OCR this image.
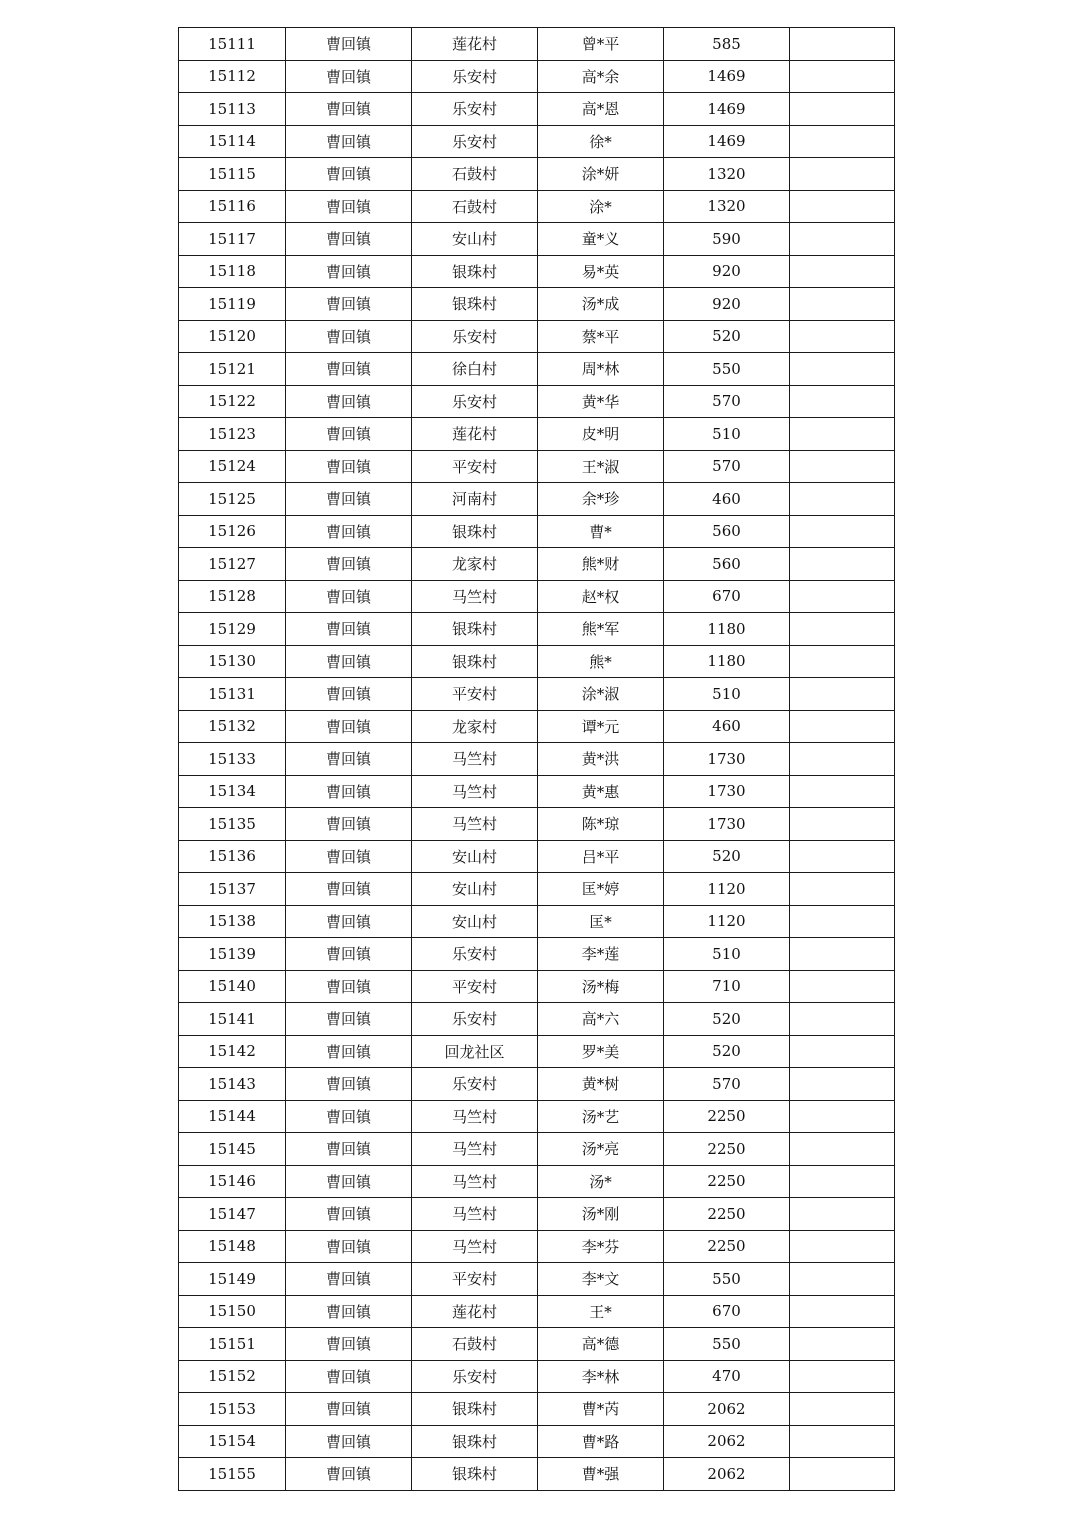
15111	曹回镇	莲花村	曾*平	585	
15112	曹回镇	乐安村	高*余	1469	
15113	曹回镇	乐安村	高*恩	1469	
15114	曹回镇	乐安村	徐*	1469	
15115	曹回镇	石鼓村	涂*妍	1320	
15116	曹回镇	石鼓村	涂*	1320	
15117	曹回镇	安山村	童*义	590	
15118	曹回镇	银珠村	易*英	920	
15119	曹回镇	银珠村	汤*成	920	
15120	曹回镇	乐安村	蔡*平	520	
15121	曹回镇	徐白村	周*林	550	
15122	曹回镇	乐安村	黄*华	570	
15123	曹回镇	莲花村	皮*明	510	
15124	曹回镇	平安村	王*淑	570	
15125	曹回镇	河南村	余*珍	460	
15126	曹回镇	银珠村	曹*	560	
15127	曹回镇	龙家村	熊*财	560	
15128	曹回镇	马竺村	赵*权	670	
15129	曹回镇	银珠村	熊*军	1180	
15130	曹回镇	银珠村	熊*	1180	
15131	曹回镇	平安村	涂*淑	510	
15132	曹回镇	龙家村	谭*元	460	
15133	曹回镇	马竺村	黄*洪	1730	
15134	曹回镇	马竺村	黄*惠	1730	
15135	曹回镇	马竺村	陈*琼	1730	
15136	曹回镇	安山村	吕*平	520	
15137	曹回镇	安山村	匡*婷	1120	
15138	曹回镇	安山村	匡*	1120	
15139	曹回镇	乐安村	李*莲	510	
15140	曹回镇	平安村	汤*梅	710	
15141	曹回镇	乐安村	高*六	520	
15142	曹回镇	回龙社区	罗*美	520	
15143	曹回镇	乐安村	黄*树	570	
15144	曹回镇	马竺村	汤*艺	2250	
15145	曹回镇	马竺村	汤*亮	2250	
15146	曹回镇	马竺村	汤*	2250	
15147	曹回镇	马竺村	汤*刚	2250	
15148	曹回镇	马竺村	李*芬	2250	
15149	曹回镇	平安村	李*文	550	
15150	曹回镇	莲花村	王*	670	
15151	曹回镇	石鼓村	高*德	550	
15152	曹回镇	乐安村	李*林	470	
15153	曹回镇	银珠村	曹*芮	2062	
15154	曹回镇	银珠村	曹*路	2062	
15155	曹回镇	银珠村	曹*强	2062	
